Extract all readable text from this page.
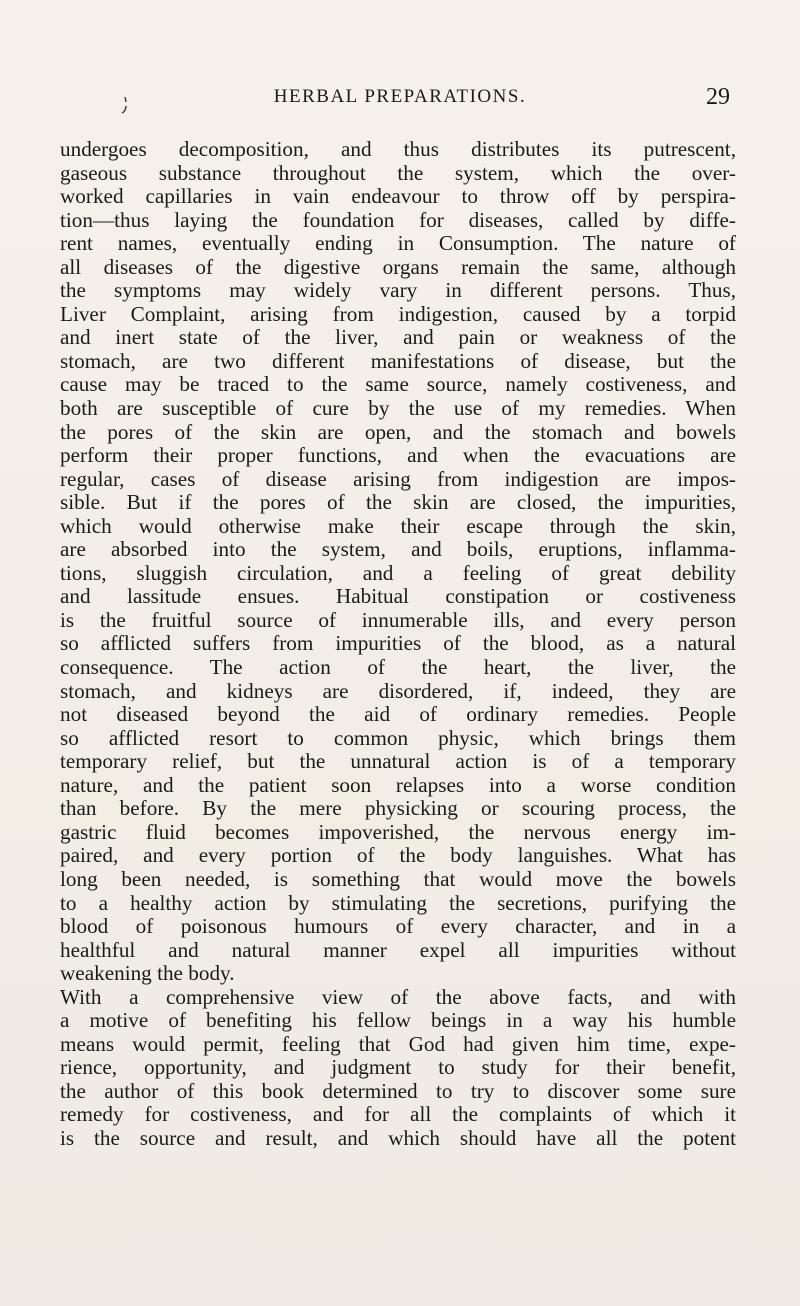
HERBAL PREPARATIONS.	29
undergoes decomposition, and thus distributes its putrescent,
gaseous substance throughout the system, which the over-
worked capillaries in vain endeavour to throw off by perspira-
tion—thus laying the foundation for diseases, called by diffe-
rent names, eventually ending in Consumption. The nature of
all diseases of the digestive organs remain the same, although
the symptoms may widely vary in different persons. Thus,
Liver Complaint, arising from indigestion, caused by a torpid
and inert state of the liver, and pain or weakness of the
stomach, are two different manifestations of disease, but the
cause may be traced to the same source, namely costiveness, and
both are susceptible of cure by the use of my remedies. When
the pores of the skin are open, and the stomach and bowels
perform their proper functions, and when the evacuations are
regular, cases of disease arising from indigestion are impos-
sible. But if the pores of the skin are closed, the impurities,
which would otherwise make their escape through the skin,
are absorbed into the system, and boils, eruptions, inflamma-
tions, sluggish circulation, and a feeling of great debility
and lassitude ensues. Habitual constipation or costiveness
is the fruitful source of innumerable ills, and every person
so afflicted suffers from impurities of the blood, as a natural
consequence. The action of the heart, the liver, the
stomach, and kidneys are disordered, if, indeed, they are
not diseased beyond the aid of ordinary remedies. People
so afflicted resort to common physic, which brings them
temporary relief, but the unnatural action is of a temporary
nature, and the patient soon relapses into a worse condition
than before. By the mere physicking or scouring process, the
gastric fluid becomes impoverished, the nervous energy im-
paired, and every portion of the body languishes. What has
long been needed, is something that would move the bowels
to a healthy action by stimulating the secretions, purifying the
blood of poisonous humours of every character, and in a
healthful and natural manner expel all impurities without
weakening the body.
With a comprehensive view of the above facts, and with
a motive of benefiting his fellow beings in a way his humble
means would permit, feeling that God had given him time, expe-
rience, opportunity, and judgment to study for their benefit,
the author of this book determined to try to discover some sure
remedy for costiveness, and for all the complaints of which it
is the source and result, and which should have all the potent
